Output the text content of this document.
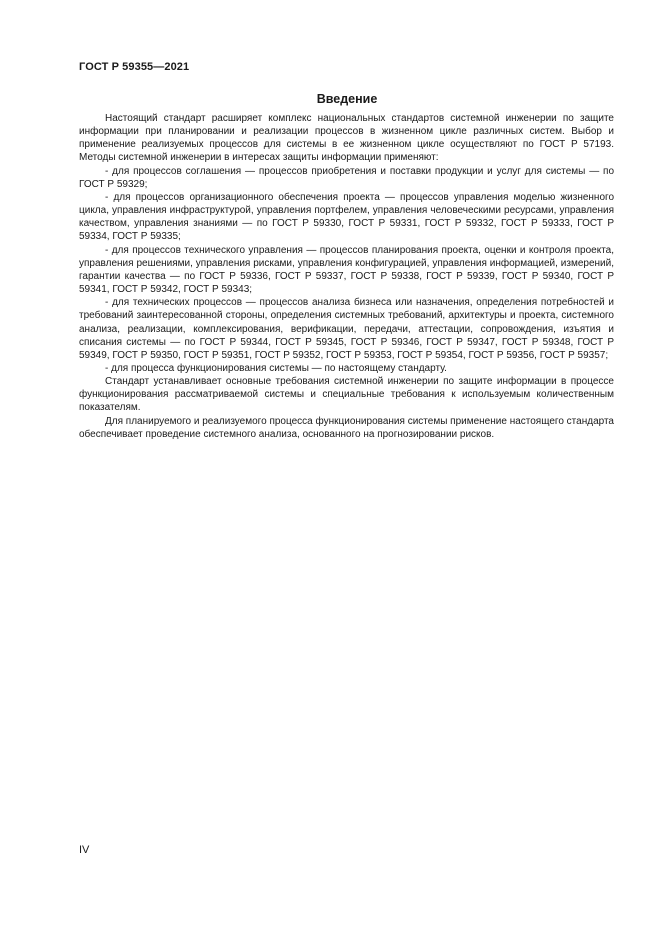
ГОСТ Р 59355—2021
Введение

Настоящий стандарт расширяет комплекс национальных стандартов системной инженерии по защите информации при планировании и реализации процессов в жизненном цикле различных систем. Выбор и применение реализуемых процессов для системы в ее жизненном цикле осуществляют по ГОСТ Р 57193. Методы системной инженерии в интересах защиты информации применяют:

- для процессов соглашения — процессов приобретения и поставки продукции и услуг для системы — по ГОСТ Р 59329;

- для процессов организационного обеспечения проекта — процессов управления моделью жизненного цикла, управления инфраструктурой, управления портфелем, управления человеческими ресурсами, управления качеством, управления знаниями — по ГОСТ Р 59330, ГОСТ Р 59331, ГОСТ Р 59332, ГОСТ Р 59333, ГОСТ Р 59334, ГОСТ Р 59335;

- для процессов технического управления — процессов планирования проекта, оценки и контроля проекта, управления решениями, управления рисками, управления конфигурацией, управления информацией, измерений, гарантии качества — по ГОСТ Р 59336, ГОСТ Р 59337, ГОСТ Р 59338, ГОСТ Р 59339, ГОСТ Р 59340, ГОСТ Р 59341, ГОСТ Р 59342, ГОСТ Р 59343;

- для технических процессов — процессов анализа бизнеса или назначения, определения потребностей и требований заинтересованной стороны, определения системных требований, архитектуры и проекта, системного анализа, реализации, комплексирования, верификации, передачи, аттестации, сопровождения, изъятия и списания системы — по ГОСТ Р 59344, ГОСТ Р 59345, ГОСТ Р 59346, ГОСТ Р 59347, ГОСТ Р 59348, ГОСТ Р 59349, ГОСТ Р 59350, ГОСТ Р 59351, ГОСТ Р 59352, ГОСТ Р 59353, ГОСТ Р 59354, ГОСТ Р 59356, ГОСТ Р 59357;

- для процесса функционирования системы — по настоящему стандарту.

Стандарт устанавливает основные требования системной инженерии по защите информации в процессе функционирования рассматриваемой системы и специальные требования к используемым количественным показателям.

Для планируемого и реализуемого процесса функционирования системы применение настоящего стандарта обеспечивает проведение системного анализа, основанного на прогнозировании рисков.

IV
